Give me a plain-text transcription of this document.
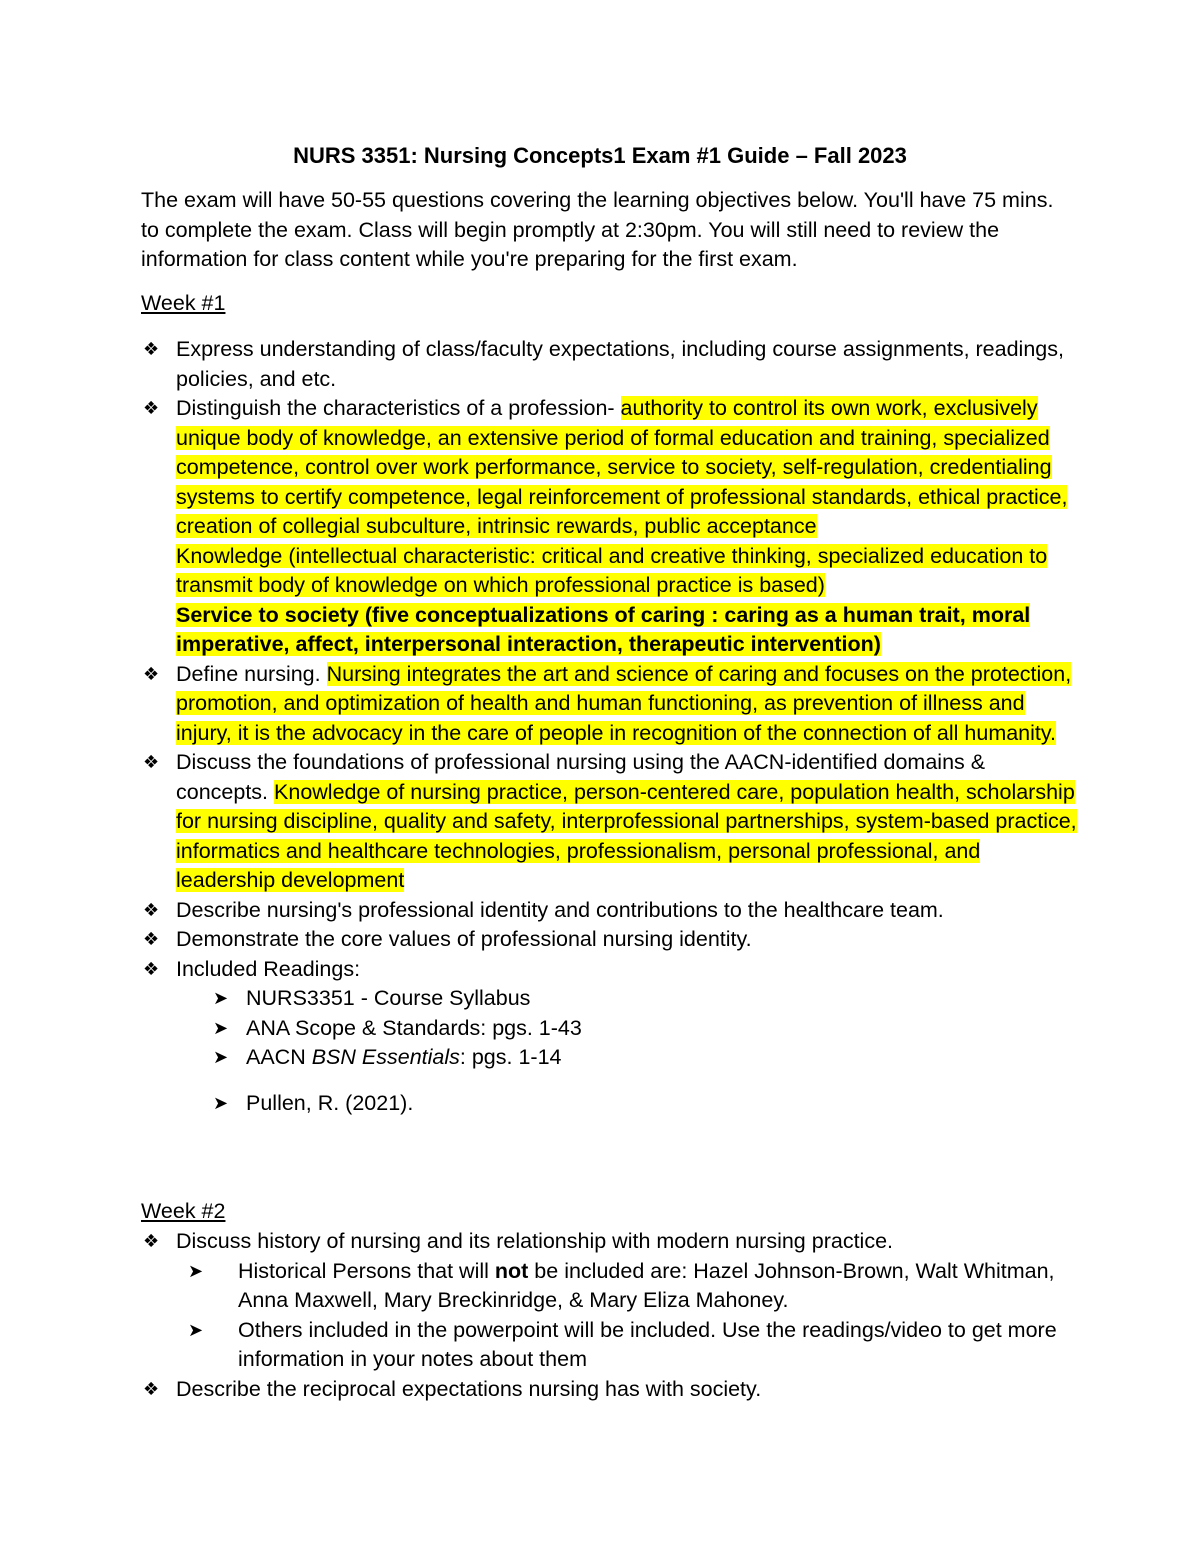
NURS 3351: Nursing Concepts1 Exam #1 Guide – Fall 2023
The exam will have 50-55 questions covering the learning objectives below. You'll have 75 mins. to complete the exam. Class will begin promptly at 2:30pm. You will still need to review the information for class content while you're preparing for the first exam.
Week #1
❖ Express understanding of class/faculty expectations, including course assignments, readings, policies, and etc.
❖ Distinguish the characteristics of a profession- authority to control its own work, exclusively unique body of knowledge, an extensive period of formal education and training, specialized competence, control over work performance, service to society, self-regulation, credentialing systems to certify competence, legal reinforcement of professional standards, ethical practice, creation of collegial subculture, intrinsic rewards, public acceptance
Knowledge (intellectual characteristic: critical and creative thinking, specialized education to transmit body of knowledge on which professional practice is based)
Service to society (five conceptualizations of caring : caring as a human trait, moral imperative, affect, interpersonal interaction, therapeutic intervention)
❖ Define nursing. Nursing integrates the art and science of caring and focuses on the protection, promotion, and optimization of health and human functioning, as prevention of illness and injury, it is the advocacy in the care of people in recognition of the connection of all humanity.
❖ Discuss the foundations of professional nursing using the AACN-identified domains & concepts. Knowledge of nursing practice, person-centered care, population health, scholarship for nursing discipline, quality and safety, interprofessional partnerships, system-based practice, informatics and healthcare technologies, professionalism, personal professional, and leadership development
❖ Describe nursing's professional identity and contributions to the healthcare team.
❖ Demonstrate the core values of professional nursing identity.
❖ Included Readings:
➤ NURS3351 - Course Syllabus
➤ ANA Scope & Standards: pgs. 1-43
➤ AACN BSN Essentials: pgs. 1-14
➤ Pullen, R. (2021).
Week #2
❖ Discuss history of nursing and its relationship with modern nursing practice.
➤ Historical Persons that will not be included are: Hazel Johnson-Brown, Walt Whitman, Anna Maxwell, Mary Breckinridge, & Mary Eliza Mahoney.
➤ Others included in the powerpoint will be included. Use the readings/video to get more information in your notes about them
❖ Describe the reciprocal expectations nursing has with society.
